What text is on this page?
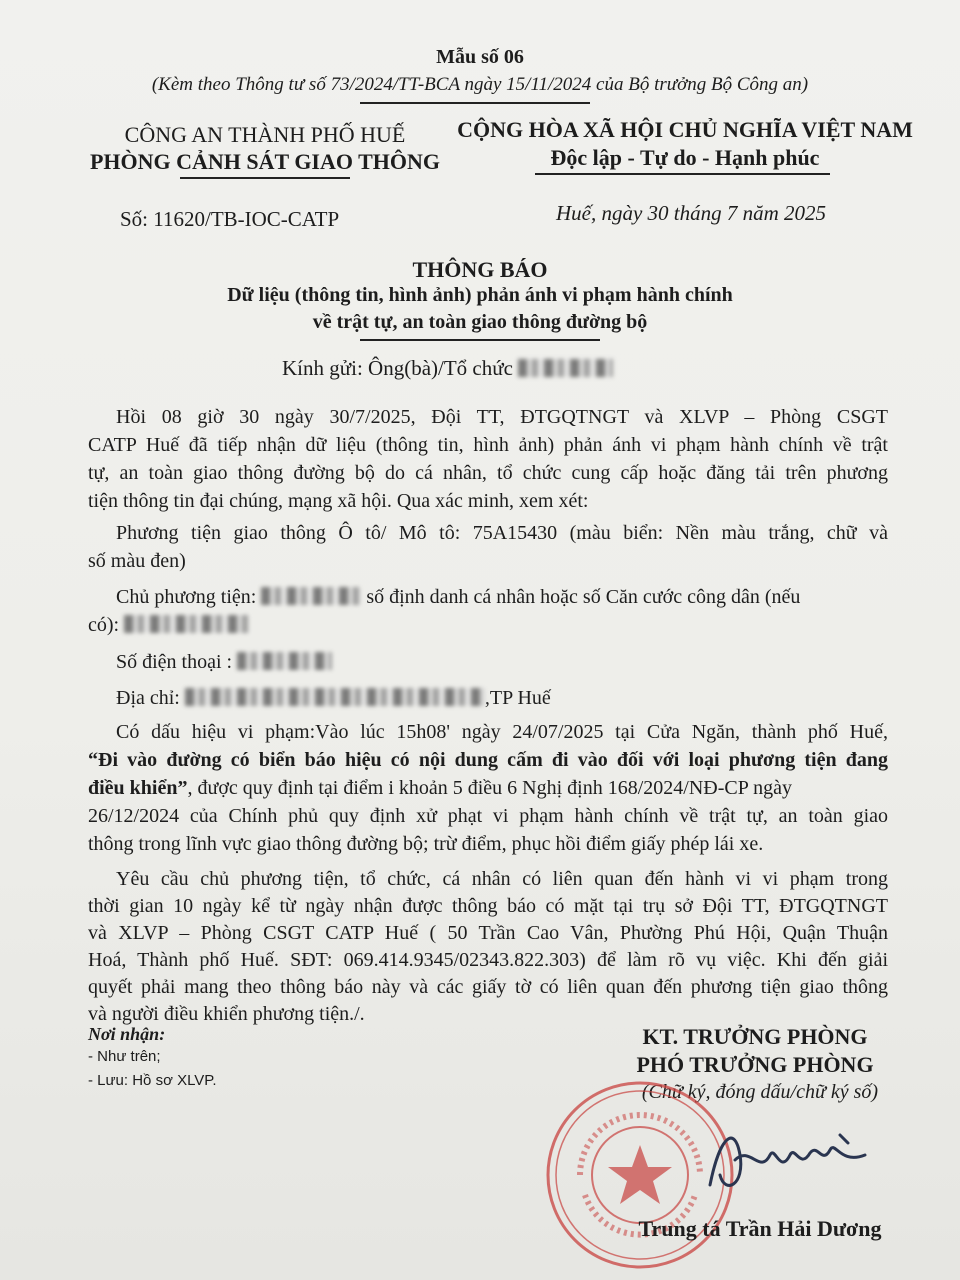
Mẫu số 06
(Kèm theo Thông tư số 73/2024/TT-BCA ngày 15/11/2024 của Bộ trưởng Bộ Công an)
CÔNG AN THÀNH PHỐ HUẾ
PHÒNG CẢNH SÁT GIAO THÔNG
CỘNG HÒA XÃ HỘI CHỦ NGHĨA VIỆT NAM
Độc lập - Tự do - Hạnh phúc
Số: 11620/TB-IOC-CATP	Huế, ngày 30 tháng 7 năm 2025
THÔNG BÁO
Dữ liệu (thông tin, hình ảnh) phản ánh vi phạm hành chính
về trật tự, an toàn giao thông đường bộ
Kính gửi: Ông(bà)/Tổ chức
Hồi 08 giờ 30 ngày 30/7/2025, Đội TT, ĐTGQTNGT và XLVP – Phòng CSGT
CATP Huế đã tiếp nhận dữ liệu (thông tin, hình ảnh) phản ánh vi phạm hành chính về trật
tự, an toàn giao thông đường bộ do cá nhân, tổ chức cung cấp hoặc đăng tải trên phương
tiện thông tin đại chúng, mạng xã hội. Qua xác minh, xem xét:
Phương tiện giao thông Ô tô/ Mô tô: 75A15430 (màu biển: Nền màu trắng, chữ và
số màu đen)
Chủ phương tiện:	số định danh cá nhân hoặc số Căn cước công dân (nếu
có):
Số điện thoại :
Địa chỉ:	,TP Huế
Có dấu hiệu vi phạm:Vào lúc 15h08' ngày 24/07/2025 tại Cửa Ngăn, thành phố Huế,
“Đi vào đường có biển báo hiệu có nội dung cấm đi vào đối với loại phương tiện đang
điều khiển”, được quy định tại điểm i khoản 5 điều 6 Nghị định 168/2024/NĐ-CP ngày
26/12/2024 của Chính phủ quy định xử phạt vi phạm hành chính về trật tự, an toàn giao
thông trong lĩnh vực giao thông đường bộ; trừ điểm, phục hồi điểm giấy phép lái xe.
Yêu cầu chủ phương tiện, tổ chức, cá nhân có liên quan đến hành vi vi phạm trong
thời gian 10 ngày kể từ ngày nhận được thông báo có mặt tại trụ sở Đội TT, ĐTGQTNGT
và XLVP – Phòng CSGT CATP Huế ( 50 Trần Cao Vân, Phường Phú Hội, Quận Thuận
Hoá, Thành phố Huế. SĐT: 069.414.9345/02343.822.303) để làm rõ vụ việc. Khi đến giải
quyết phải mang theo thông báo này và các giấy tờ có liên quan đến phương tiện giao thông
và người điều khiển phương tiện./.
Nơi nhận:
- Như trên;
- Lưu: Hồ sơ XLVP.
KT. TRƯỞNG PHÒNG
PHÓ TRƯỞNG PHÒNG
(Chữ ký, đóng dấu/chữ ký số)
Trung tá Trần Hải Dương
